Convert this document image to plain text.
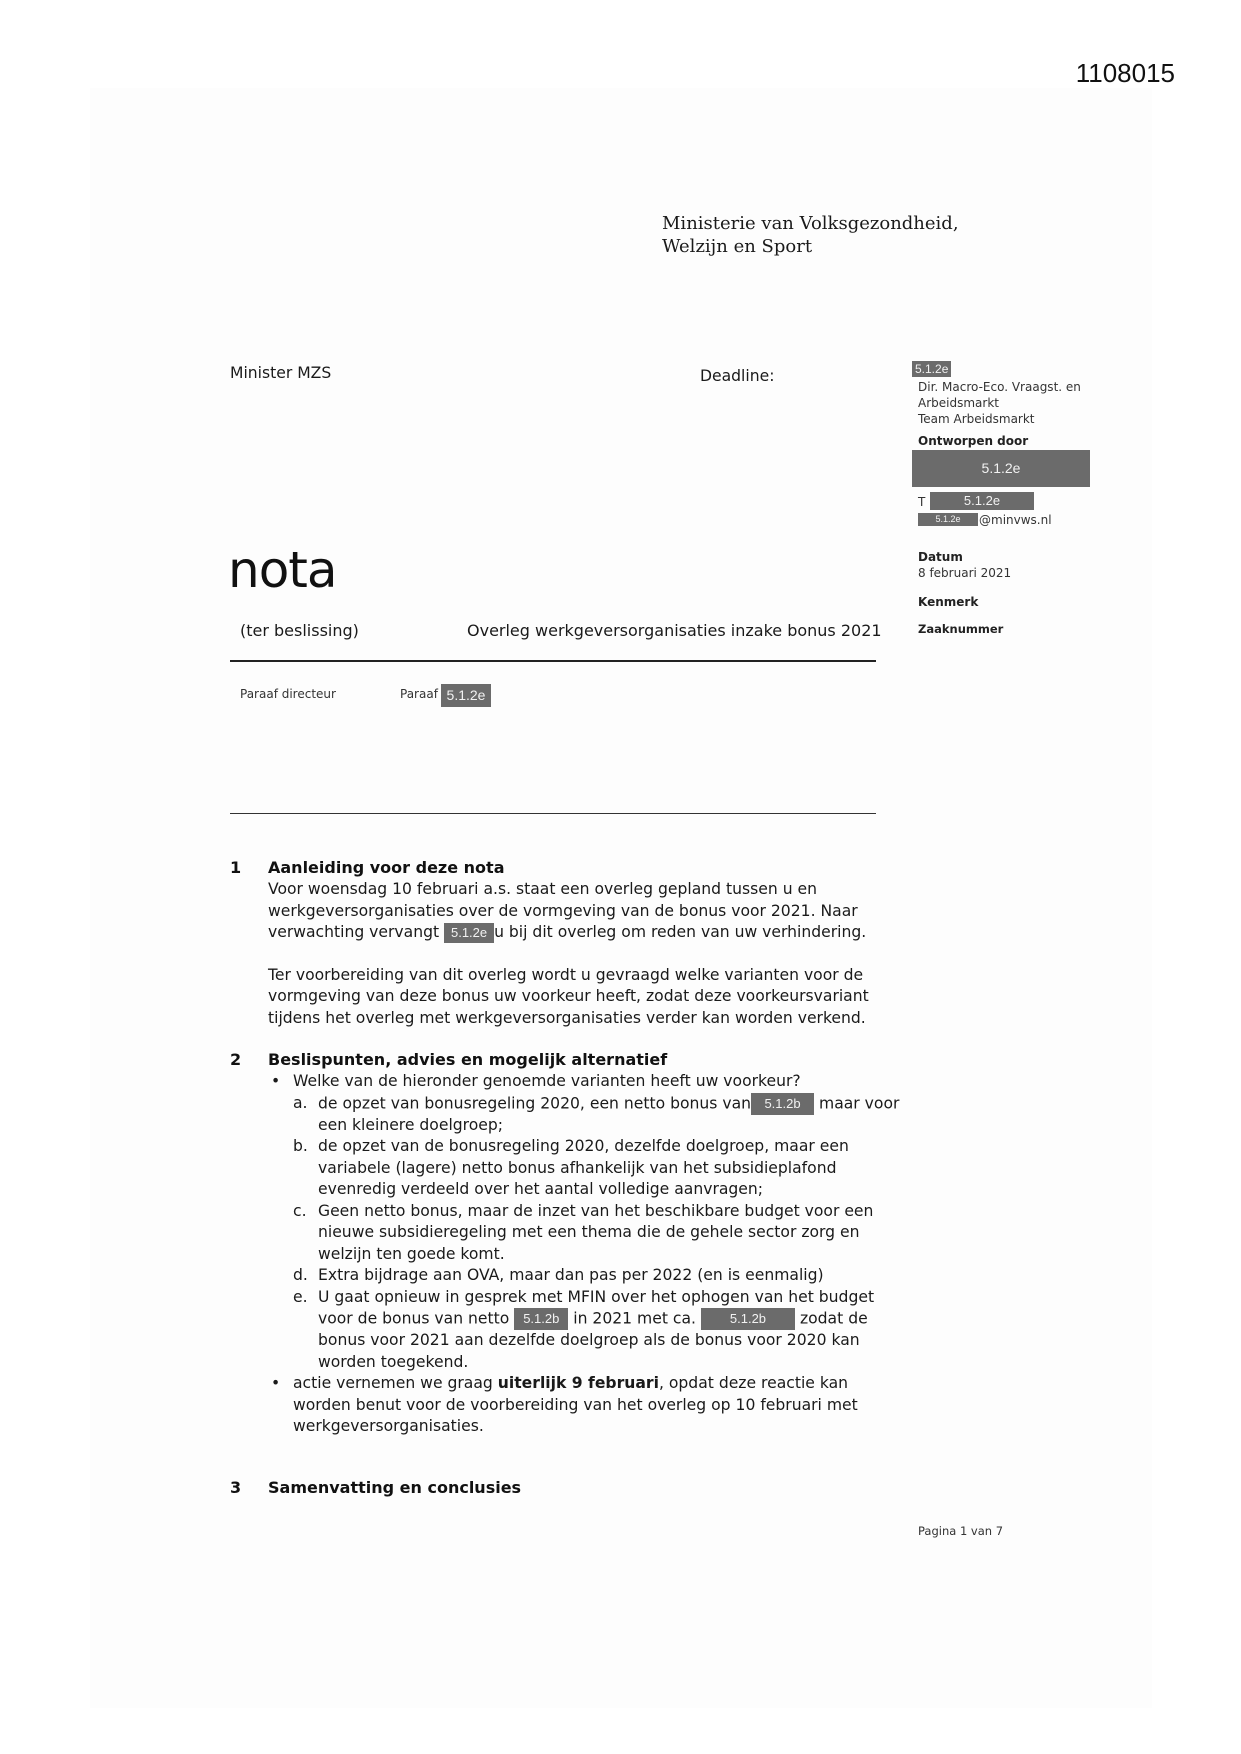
1108015
Ministerie van Volksgezondheid,
Welzijn en Sport
Minister MZS	Deadline:	5.1.2e
Dir. Macro-Eco. Vraagst. en
Arbeidsmarkt
Team Arbeidsmarkt
Ontworpen door
5.1.2e
T	5.1.2e
5.1.2e	@minvws.nl
Datum
8 februari 2021
Kenmerk
Zaaknummer
nota
(ter beslissing)	Overleg werkgeversorganisaties inzake bonus 2021
Paraaf directeur	Paraaf 5.1.2e
1 Aanleiding voor deze nota
Voor woensdag 10 februari a.s. staat een overleg gepland tussen u en werkgeversorganisaties over de vormgeving van de bonus voor 2021. Naar verwachting vervangt 5.1.2e u bij dit overleg om reden van uw verhindering.
Ter voorbereiding van dit overleg wordt u gevraagd welke varianten voor de vormgeving van deze bonus uw voorkeur heeft, zodat deze voorkeursvariant tijdens het overleg met werkgeversorganisaties verder kan worden verkend.
2 Beslispunten, advies en mogelijk alternatief
• Welke van de hieronder genoemde varianten heeft uw voorkeur?
a. de opzet van bonusregeling 2020, een netto bonus van 5.1.2b maar voor een kleinere doelgroep;
b. de opzet van de bonusregeling 2020, dezelfde doelgroep, maar een variabele (lagere) netto bonus afhankelijk van het subsidieplafond evenredig verdeeld over het aantal volledige aanvragen;
c. Geen netto bonus, maar de inzet van het beschikbare budget voor een nieuwe subsidieregeling met een thema die de gehele sector zorg en welzijn ten goede komt.
d. Extra bijdrage aan OVA, maar dan pas per 2022 (en is eenmalig)
e. U gaat opnieuw in gesprek met MFIN over het ophogen van het budget voor de bonus van netto 5.1.2b in 2021 met ca.	5.1.2b zodat de bonus voor 2021 aan dezelfde doelgroep als de bonus voor 2020 kan worden toegekend.
• actie vernemen we graag uiterlijk 9 februari, opdat deze reactie kan worden benut voor de voorbereiding van het overleg op 10 februari met werkgeversorganisaties.
3 Samenvatting en conclusies
Pagina 1 van 7
